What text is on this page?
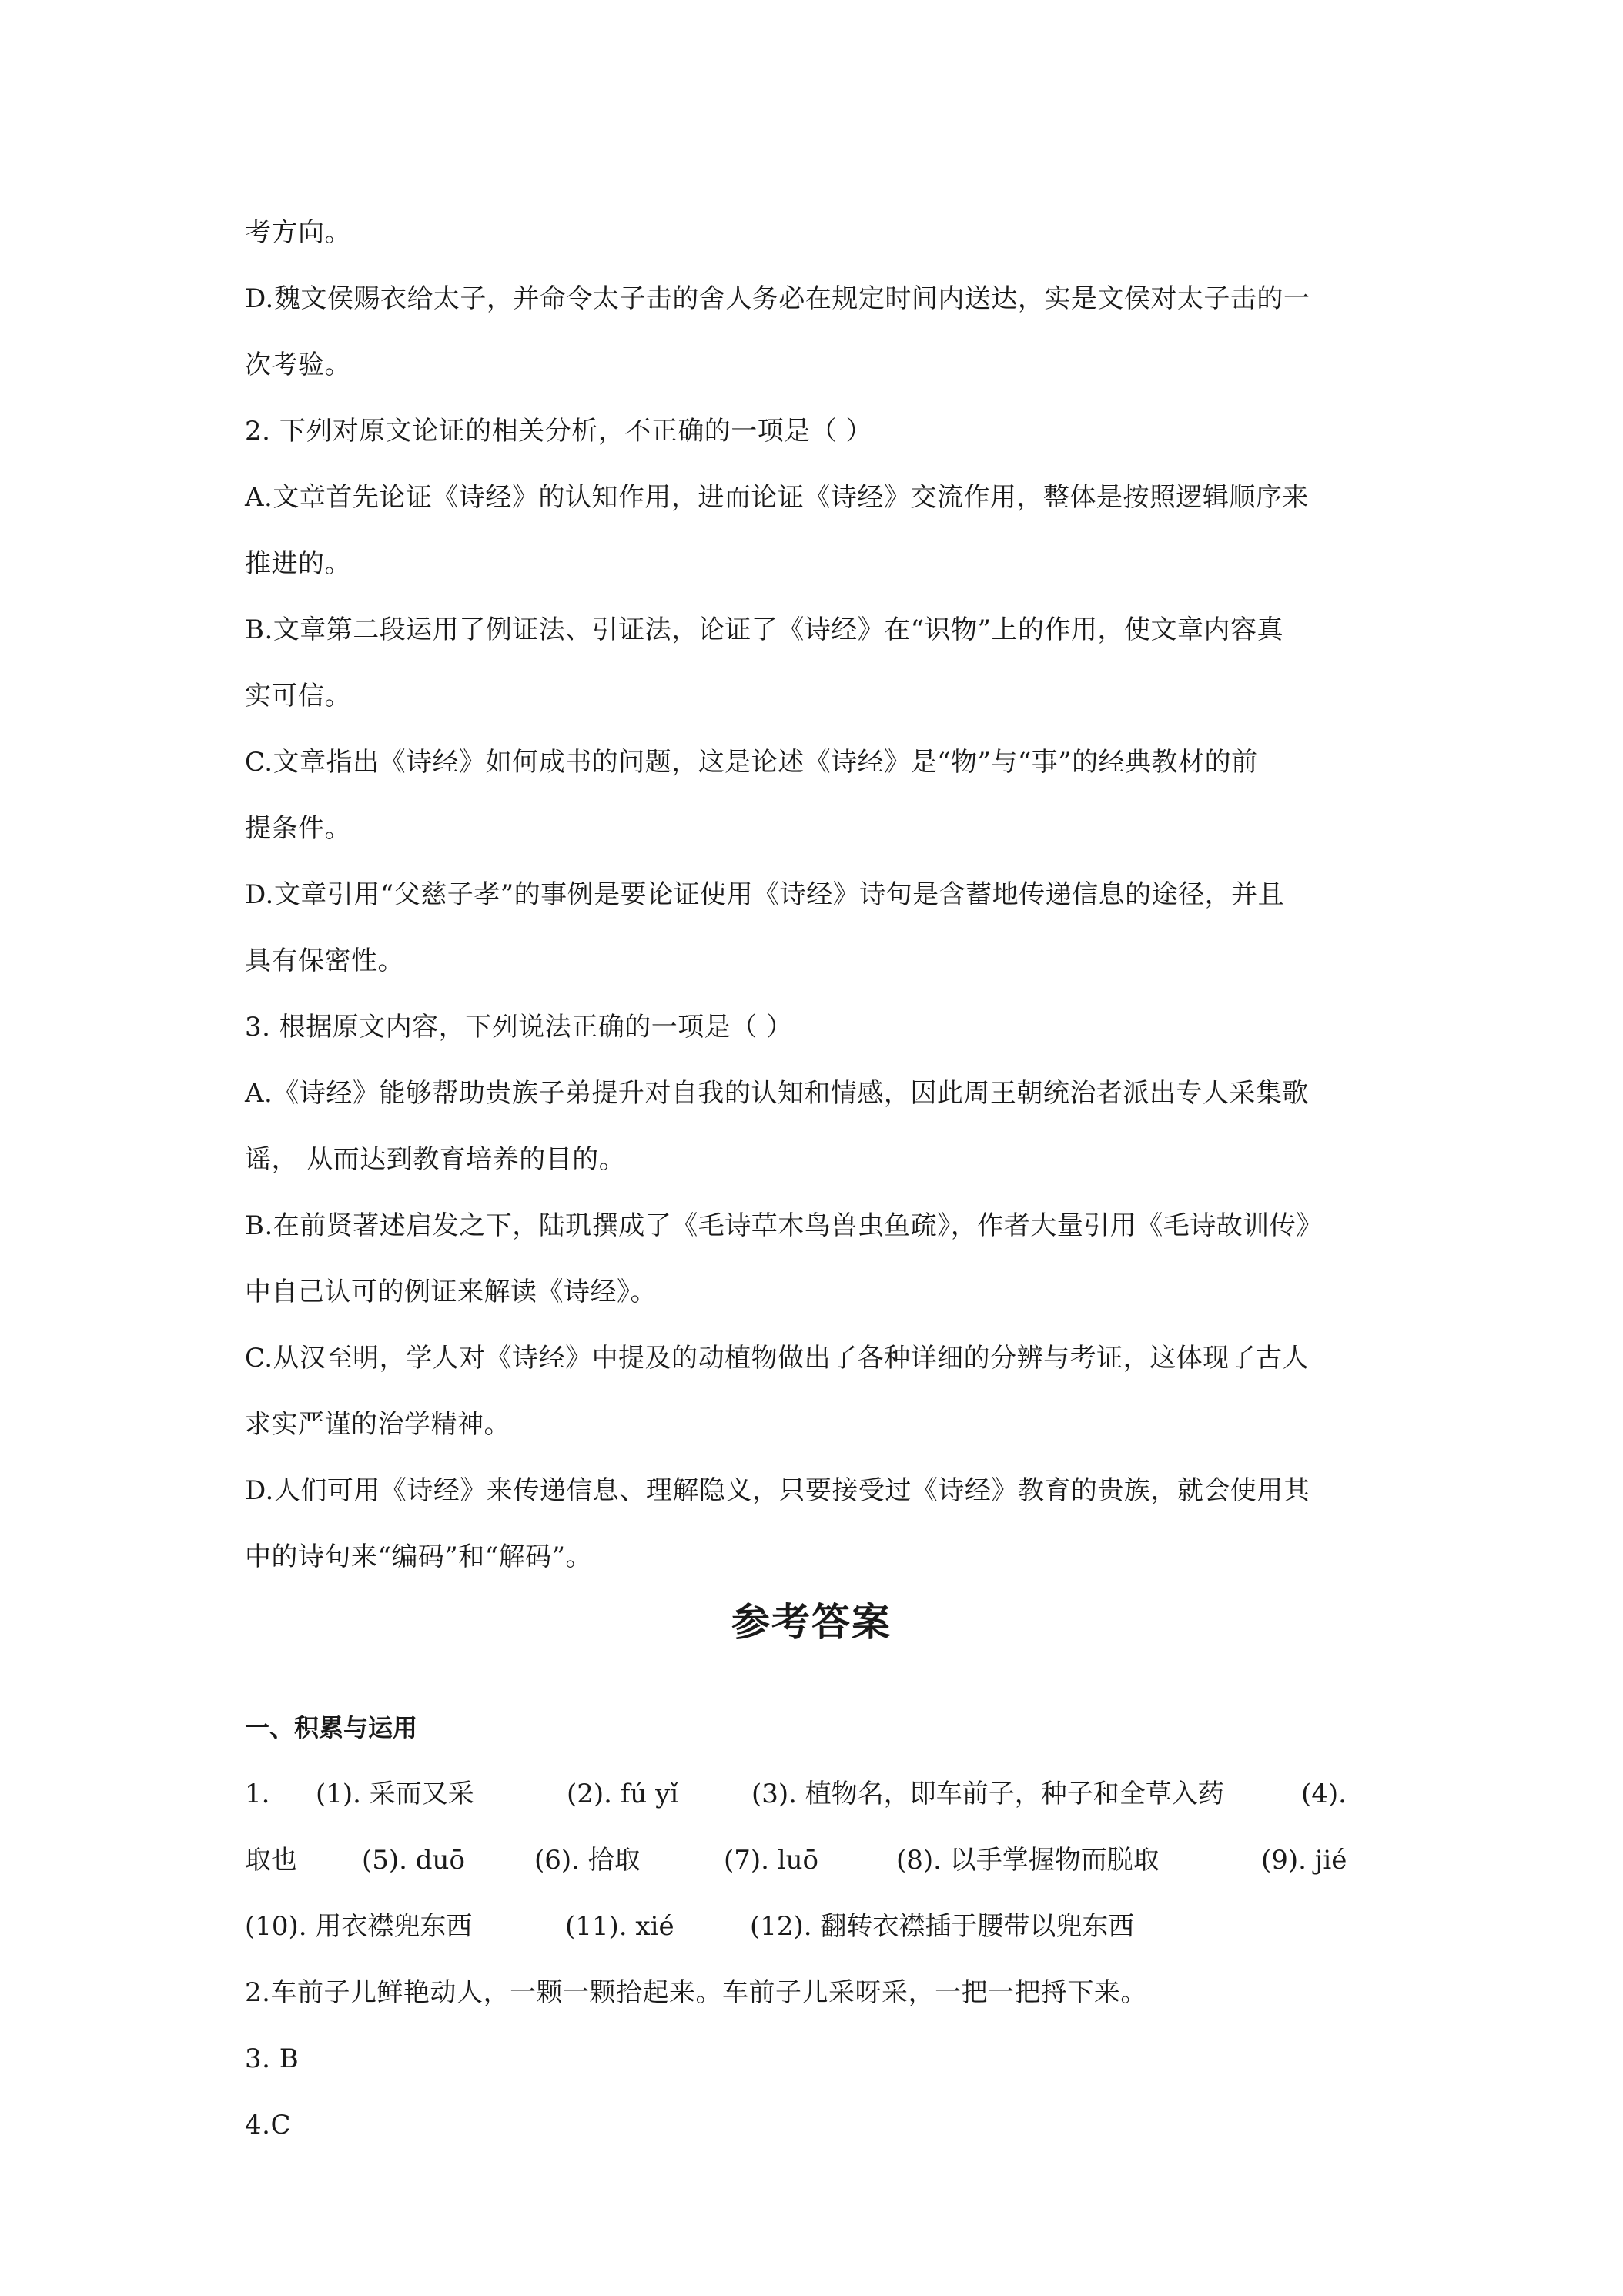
考方向。
D.魏文侯赐衣给太子，并命令太子击的舍人务必在规定时间内送达，实是文侯对太子击的一
次考验。
2. 下列对原文论证的相关分析，不正确的一项是（ ）
A.文章首先论证《诗经》的认知作用，进而论证《诗经》交流作用，整体是按照逻辑顺序来
推进的。
B.文章第二段运用了例证法、引证法，论证了《诗经》在“识物”上的作用，使文章内容真
实可信。
C.文章指出《诗经》如何成书的问题，这是论述《诗经》是“物”与“事”的经典教材的前
提条件。
D.文章引用“父慈子孝”的事例是要论证使用《诗经》诗句是含蓄地传递信息的途径，并且
具有保密性。
3. 根据原文内容，下列说法正确的一项是（ ）
A.《诗经》能够帮助贵族子弟提升对自我的认知和情感，因此周王朝统治者派出专人采集歌
谣， 从而达到教育培养的目的。
B.在前贤著述启发之下，陆玑撰成了《毛诗草木鸟兽虫鱼疏》，作者大量引用《毛诗故训传》
中自己认可的例证来解读《诗经》。
C.从汉至明，学人对《诗经》中提及的动植物做出了各种详细的分辨与考证，这体现了古人
求实严谨的治学精神。
D.人们可用《诗经》来传递信息、理解隐义，只要接受过《诗经》教育的贵族，就会使用其
中的诗句来“编码”和“解码”。
参考答案
一、积累与运用
1. (1). 采而又采	(2). fú yǐ	(3). 植物名，即车前子，种子和全草入药	(4).
取也 (5). duō	(6). 拾取	(7). luō	(8). 以手掌握物而脱取	(9). jié
(10). 用衣襟兜东西	(11). xié	(12). 翻转衣襟插于腰带以兜东西
2.车前子儿鲜艳动人，一颗一颗拾起来。车前子儿采呀采，一把一把捋下来。
3. B
4.C
